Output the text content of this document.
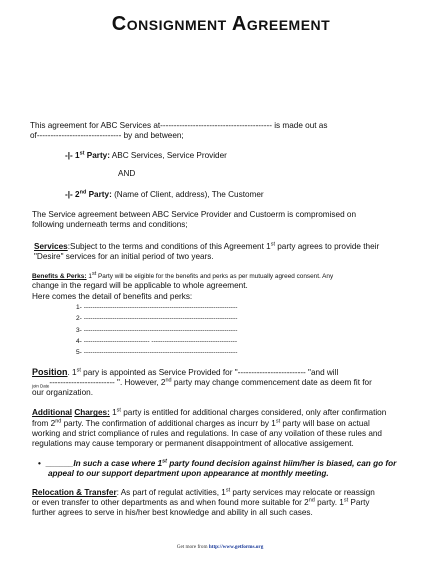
Consignment Agreement

This agreement for ABC Services at----------------------------------------- is made out as

of------------------------------- by and between;

-|- 1st Party: ABC Services, Service Provider
AND
-|- 2nd Party: (Name of Client, address), The Customer

The Service agreement between ABC Service Provider and Custoerm is compromised on

following underneath terms and conditions;

Services:Subject to the terms and conditions of this Agreement 1st party agrees to provide their

"Desire" services for an initial period of two years.

Benefits & Perks: 1st Party will be eligible for the benefits and perks as per mutually agreed consent. Any

change in the regard will be applicable to whole agreement.

Here comes the detail of benefits and perks:

1- ----------------------------------------------------------------------
2- ----------------------------------------------------------------------
3- ----------------------------------------------------------------------
4- ------------------------------ ---------------------------------------
5- ----------------------------------------------------------------------

Position. 1st pary is appointed as Service Provided for "------------------------- "and will

$_{join Date}$------------------------ ". However, 2nd party may change commencement date as deem fit for

our organization.

Additional Charges: 1st party is entitled for additional charges considered, only after confirmation

from 2nd party. The confirmation of additional charges as incurr by 1st party will base on actual

working and strict compliance of rules and regulations. In case of any voilation of these rules and

regulations may cause temporary or permanent disappointment of allocative assigement.

• ______In such a case where 1st party found decision against hiim/her is biased, can go for

appeal to our support department upon appearance at monthly meeting.

Relocation & Transfer: As part of regulat activities, 1st party services may relocate or reassign

or even transfer to other departments as and when found more suitable for 2nd party. 1st Party

further agrees to serve in his/her best knowledge and ability in all such cases.

Get more from http://www.getforms.org
